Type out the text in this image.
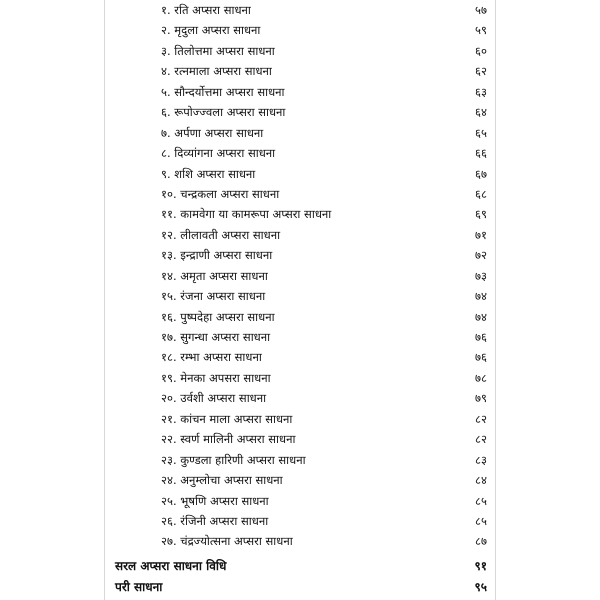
१. रति अप्सरा साधना	५७
२. मृदुला अप्सरा साधना	५९
३. तिलोत्तमा अप्सरा साधना	६०
४. रत्नमाला अप्सरा साधना	६२
५. सौन्दर्योत्तमा अप्सरा साधना	६३
६. रूपोज्ज्वला अप्सरा साधना	६४
७. अर्पणा अप्सरा साधना	६५
८. दिव्यांगना अप्सरा साधना	६६
९. शशि अप्सरा साधना	६७
१०. चन्द्रकला अप्सरा साधना	६८
११. कामवेगा या कामरूपा अप्सरा साधना	६९
१२. लीलावती अप्सरा साधना	७१
१३. इन्द्राणी अप्सरा साधना	७२
१४. अमृता अप्सरा साधना	७३
१५. रंजना अप्सरा साधना	७४
१६. पुष्पदेहा अप्सरा साधना	७४
१७. सुगन्धा अप्सरा साधना	७६
१८. रम्भा अप्सरा साधना	७६
१९. मेनका अपसरा साधना	७८
२०. उर्वशी अप्सरा साधना	७९
२१. कांचन माला अप्सरा साधना	८२
२२. स्वर्ण मालिनी अप्सरा साधना	८२
२३. कुण्डला हारिणी अप्सरा साधना	८३
२४. अनुम्लोचा अप्सरा साधना	८४
२५. भूषणि अप्सरा साधना	८५
२६. रंजिनी अप्सरा साधना	८५
२७. चंद्रज्योत्सना अप्सरा साधना	८७
सरल अप्सरा साधना विधि	९१
परी साधना	९५
